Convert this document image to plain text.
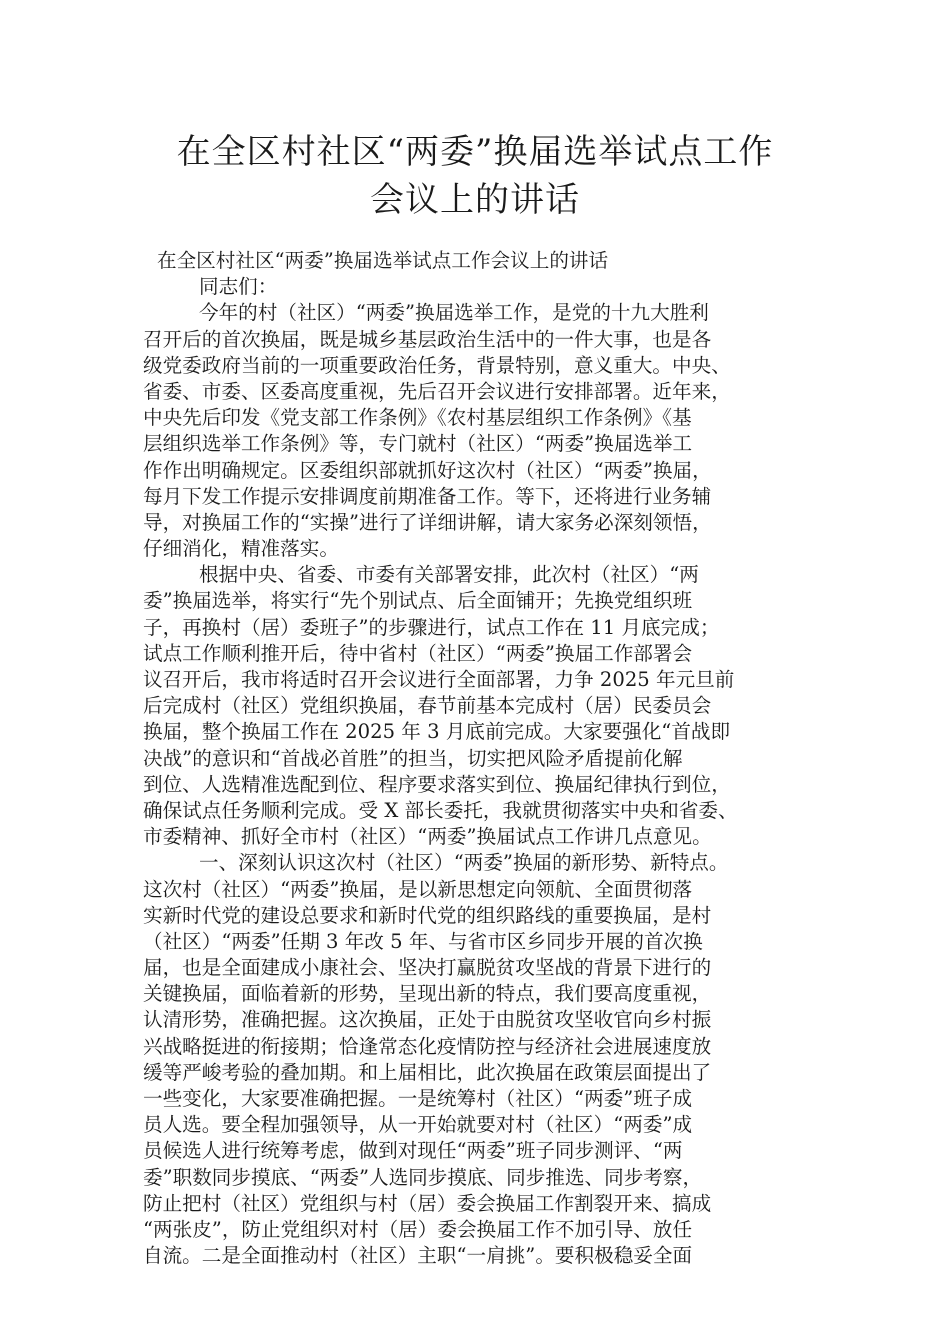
在全区村社区“两委”换届选举试点工作
会议上的讲话
在全区村社区“两委”换届选举试点工作会议上的讲话
同志们：
今年的村（社区）“两委”换届选举工作，是党的十九大胜利
召开后的首次换届，既是城乡基层政治生活中的一件大事，也是各
级党委政府当前的一项重要政治任务，背景特别，意义重大。中央、
省委、市委、区委高度重视，先后召开会议进行安排部署。近年来，
中央先后印发《党支部工作条例》《农村基层组织工作条例》《基
层组织选举工作条例》等，专门就村（社区）“两委”换届选举工
作作出明确规定。区委组织部就抓好这次村（社区）“两委”换届，
每月下发工作提示安排调度前期准备工作。等下，还将进行业务辅
导，对换届工作的“实操”进行了详细讲解，请大家务必深刻领悟，
仔细消化，精准落实。
根据中央、省委、市委有关部署安排，此次村（社区）“两
委”换届选举，将实行“先个别试点、后全面铺开；先换党组织班
子，再换村（居）委班子”的步骤进行，试点工作在 11 月底完成；
试点工作顺利推开后，待中省村（社区）“两委”换届工作部署会
议召开后，我市将适时召开会议进行全面部署，力争 2025 年元旦前
后完成村（社区）党组织换届，春节前基本完成村（居）民委员会
换届，整个换届工作在 2025 年 3 月底前完成。大家要强化“首战即
决战”的意识和“首战必首胜”的担当，切实把风险矛盾提前化解
到位、人选精准选配到位、程序要求落实到位、换届纪律执行到位，
确保试点任务顺利完成。受 X 部长委托，我就贯彻落实中央和省委、
市委精神、抓好全市村（社区）“两委”换届试点工作讲几点意见。
一、深刻认识这次村（社区）“两委”换届的新形势、新特点。
这次村（社区）“两委”换届，是以新思想定向领航、全面贯彻落
实新时代党的建设总要求和新时代党的组织路线的重要换届，是村
（社区）“两委”任期 3 年改 5 年、与省市区乡同步开展的首次换
届，也是全面建成小康社会、坚决打赢脱贫攻坚战的背景下进行的
关键换届，面临着新的形势，呈现出新的特点，我们要高度重视，
认清形势，准确把握。这次换届，正处于由脱贫攻坚收官向乡村振
兴战略挺进的衔接期；恰逢常态化疫情防控与经济社会进展速度放
缓等严峻考验的叠加期。和上届相比，此次换届在政策层面提出了
一些变化，大家要准确把握。一是统筹村（社区）“两委”班子成
员人选。要全程加强领导，从一开始就要对村（社区）“两委”成
员候选人进行统筹考虑，做到对现任“两委”班子同步测评、“两
委”职数同步摸底、“两委”人选同步摸底、同步推选、同步考察，
防止把村（社区）党组织与村（居）委会换届工作割裂开来、搞成
“两张皮”，防止党组织对村（居）委会换届工作不加引导、放任
自流。二是全面推动村（社区）主职“一肩挑”。要积极稳妥全面
